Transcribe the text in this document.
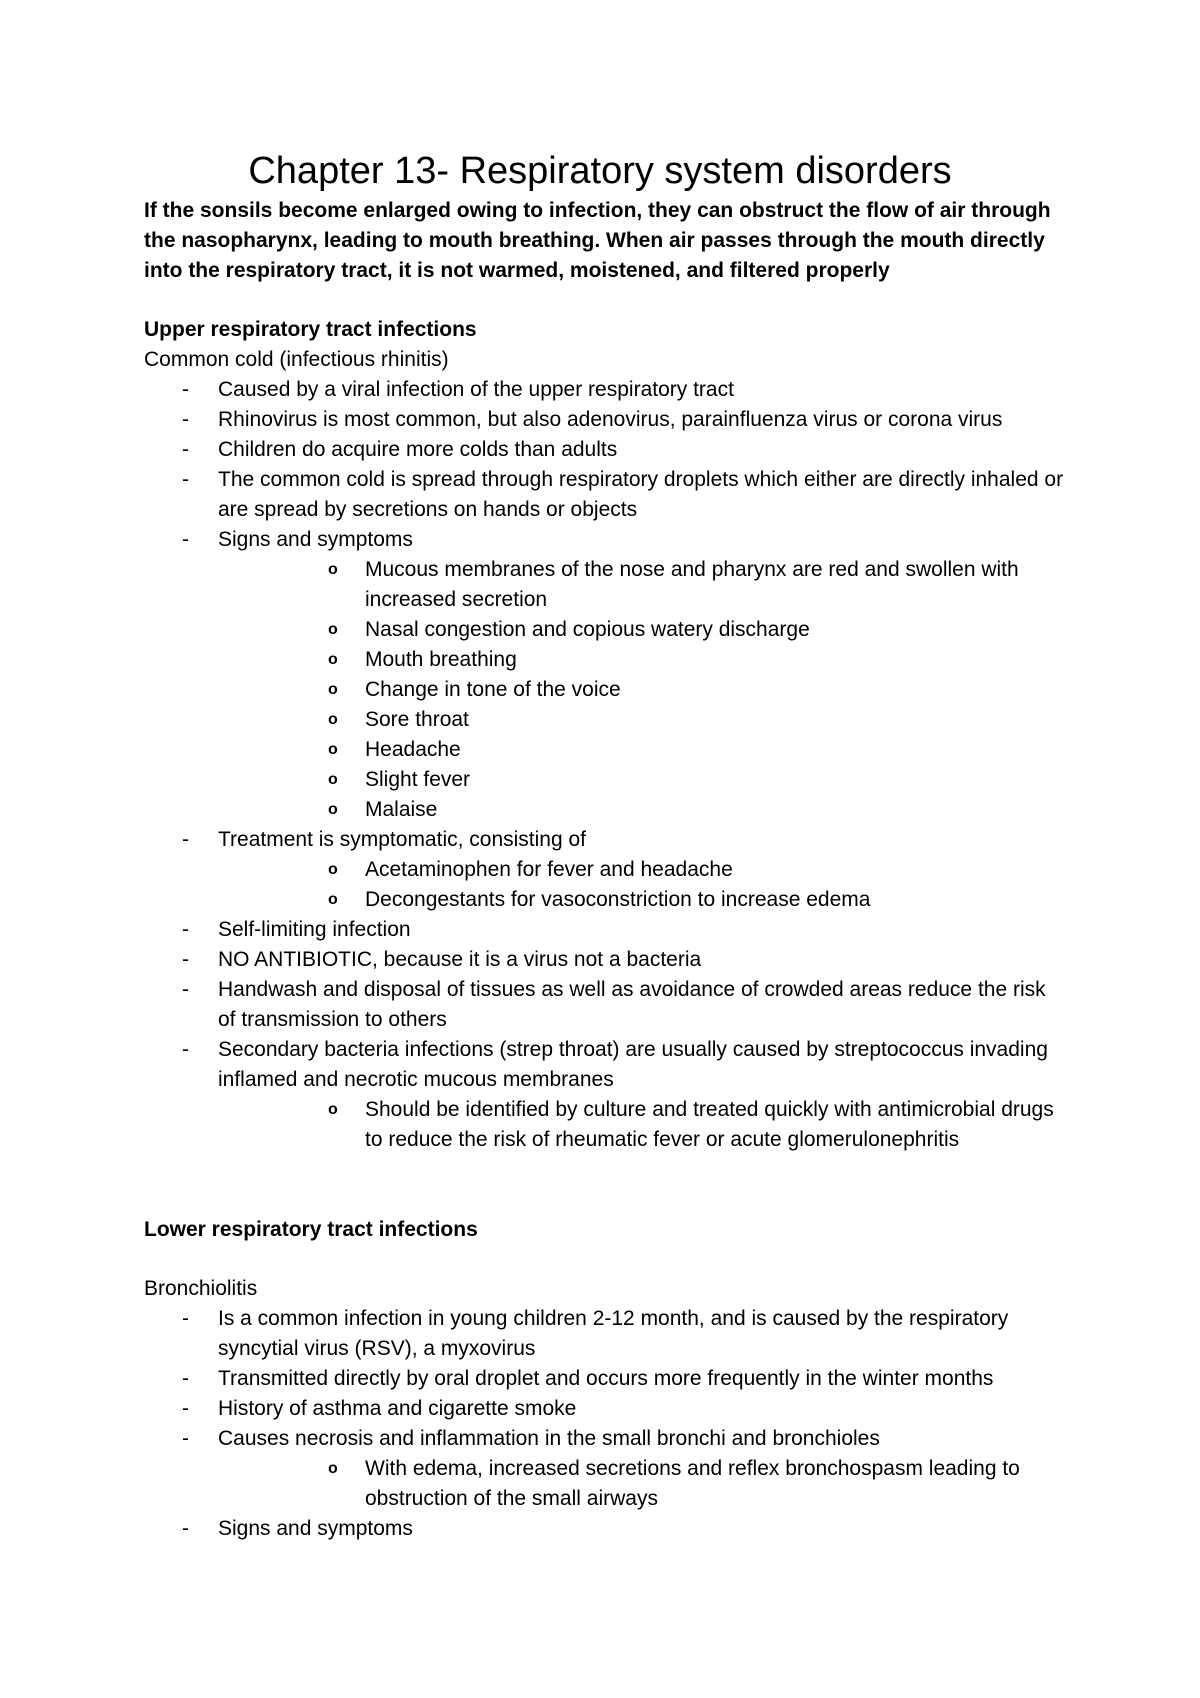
Chapter 13- Respiratory system disorders

If the sonsils become enlarged owing to infection, they can obstruct the flow of air through the nasopharynx, leading to mouth breathing. When air passes through the mouth directly into the respiratory tract, it is not warmed, moistened, and filtered properly

Upper respiratory tract infections

Common cold (infectious rhinitis)

- Caused by a viral infection of the upper respiratory tract
- Rhinovirus is most common, but also adenovirus, parainfluenza virus or corona virus
- Children do acquire more colds than adults
- The common cold is spread through respiratory droplets which either are directly inhaled or are spread by secretions on hands or objects
- Signs and symptoms
o Mucous membranes of the nose and pharynx are red and swollen with increased secretion
o Nasal congestion and copious watery discharge
o Mouth breathing
o Change in tone of the voice
o Sore throat
o Headache
o Slight fever
o Malaise
- Treatment is symptomatic, consisting of
o Acetaminophen for fever and headache
o Decongestants for vasoconstriction to increase edema
- Self-limiting infection
- NO ANTIBIOTIC, because it is a virus not a bacteria
- Handwash and disposal of tissues as well as avoidance of crowded areas reduce the risk of transmission to others
- Secondary bacteria infections (strep throat) are usually caused by streptococcus invading inflamed and necrotic mucous membranes
o Should be identified by culture and treated quickly with antimicrobial drugs to reduce the risk of rheumatic fever or acute glomerulonephritis

Lower respiratory tract infections

Bronchiolitis

- Is a common infection in young children 2-12 month, and is caused by the respiratory syncytial virus (RSV), a myxovirus
- Transmitted directly by oral droplet and occurs more frequently in the winter months
- History of asthma and cigarette smoke
- Causes necrosis and inflammation in the small bronchi and bronchioles
o With edema, increased secretions and reflex bronchospasm leading to obstruction of the small airways
- Signs and symptoms
